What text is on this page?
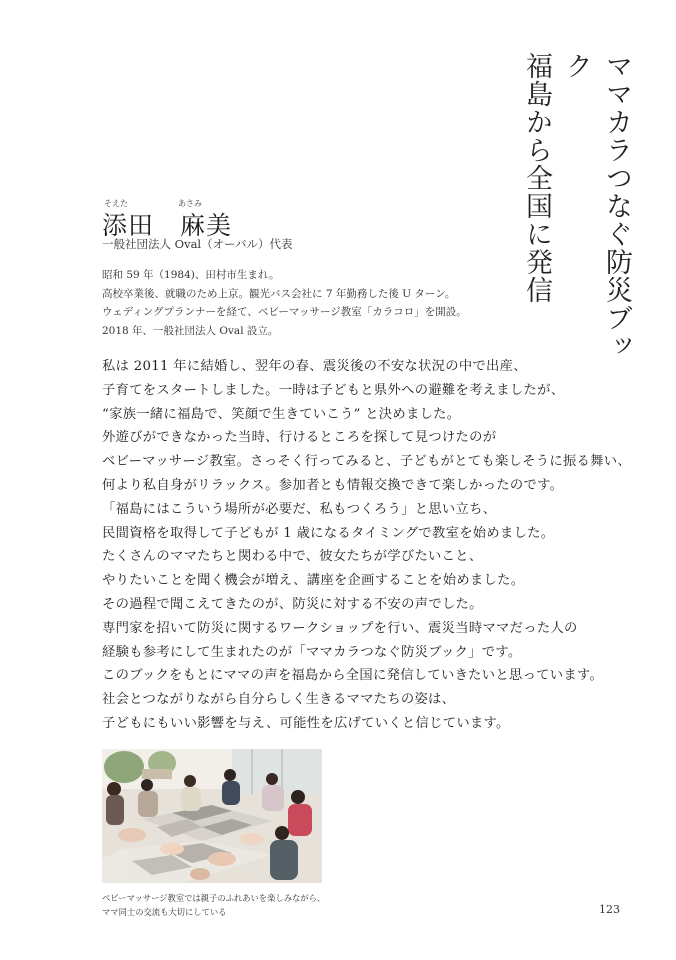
ママカラつなぐ防災ブック
福島から全国に発信
そえた	あさみ
添田　麻美
一般社団法人 Oval（オーバル）代表
昭和 59 年（1984)、田村市生まれ。
高校卒業後、就職のため上京。観光バス会社に 7 年勤務した後 U ターン。
ウェディングプランナーを経て、ベビーマッサージ教室「カラコロ」を開設。
2018 年、一般社団法人 Oval 設立。
私は 2011 年に結婚し、翌年の春、震災後の不安な状況の中で出産、
子育てをスタートしました。一時は子どもと県外への避難を考えましたが、
“家族一緒に福島で、笑顔で生きていこう” と決めました。
外遊びができなかった当時、行けるところを探して見つけたのが
ベビーマッサージ教室。さっそく行ってみると、子どもがとても楽しそうに振る舞い、
何より私自身がリラックス。参加者とも情報交換できて楽しかったのです。
「福島にはこういう場所が必要だ、私もつくろう」と思い立ち、
民間資格を取得して子どもが 1 歳になるタイミングで教室を始めました。
たくさんのママたちと関わる中で、彼女たちが学びたいこと、
やりたいことを聞く機会が増え、講座を企画することを始めました。
その過程で聞こえてきたのが、防災に対する不安の声でした。
専門家を招いて防災に関するワークショップを行い、震災当時ママだった人の
経験も参考にして生まれたのが「ママカラつなぐ防災ブック」です。
このブックをもとにママの声を福島から全国に発信していきたいと思っています。
社会とつながりながら自分らしく生きるママたちの姿は、
子どもにもいい影響を与え、可能性を広げていくと信じています。
ベビーマッサージ教室では親子のふれあいを楽しみながら、
ママ同士の交流も大切にしている	123
